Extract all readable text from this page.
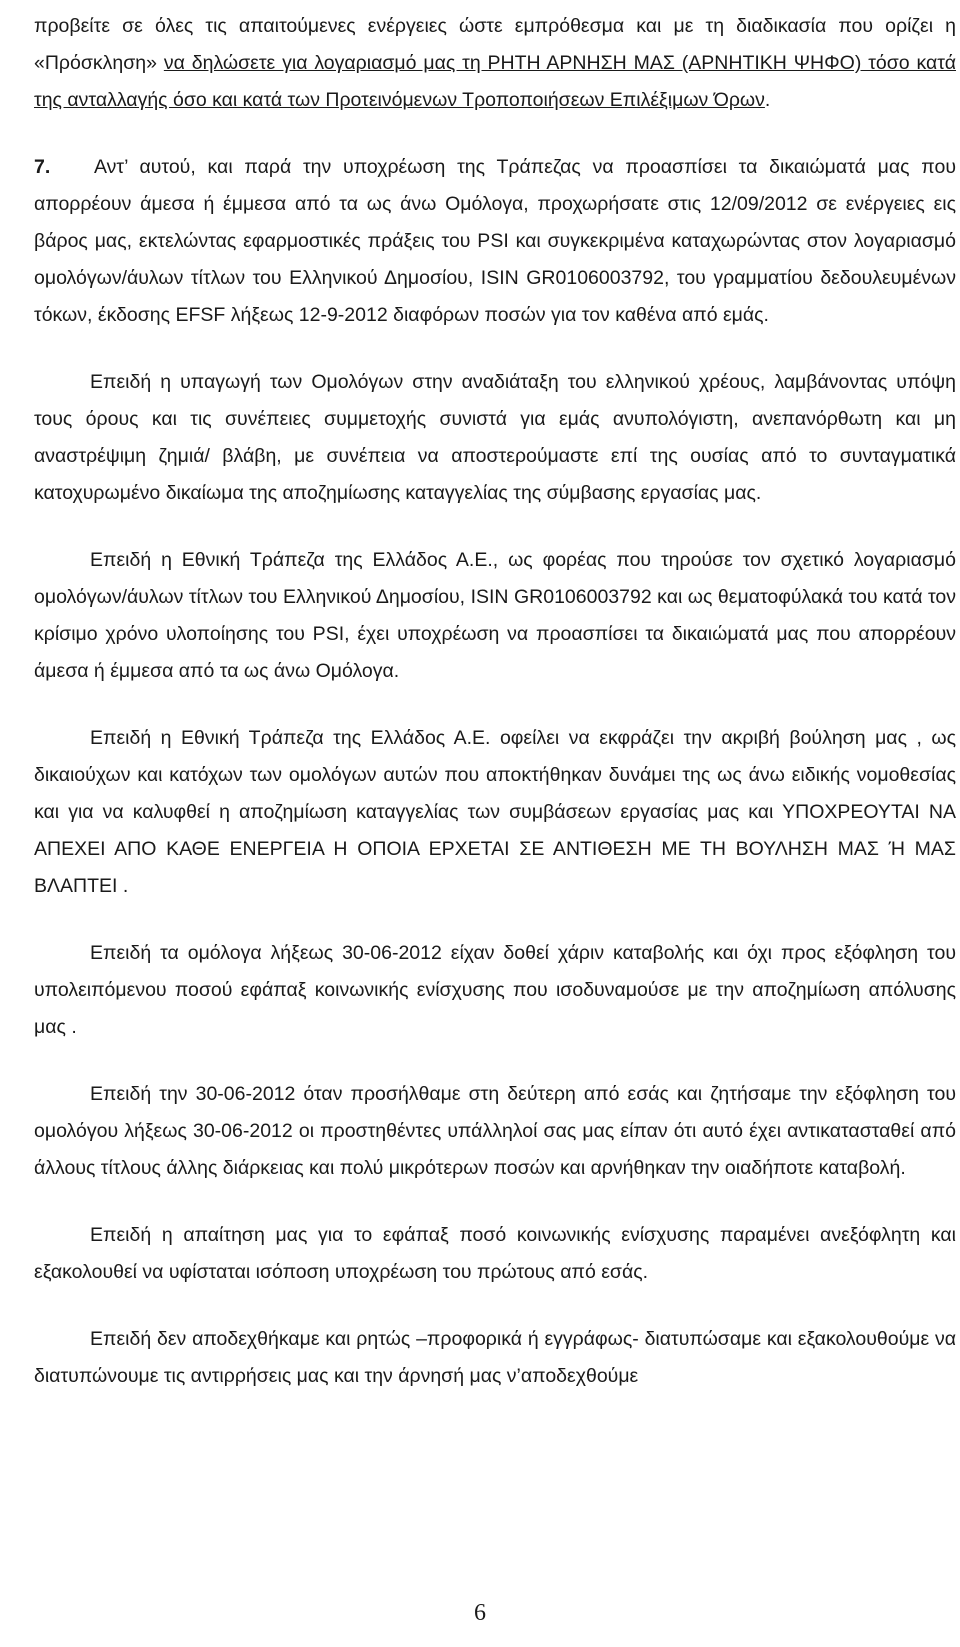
προβείτε σε όλες τις απαιτούμενες ενέργειες ώστε εμπρόθεσμα και με τη διαδικασία που ορίζει η «Πρόσκληση» να δηλώσετε για λογαριασμό μας τη ΡΗΤΗ ΑΡΝΗΣΗ ΜΑΣ (ΑΡΝΗΤΙΚΗ ΨΗΦΟ) τόσο κατά της ανταλλαγής όσο και κατά των Προτεινόμενων Τροποποιήσεων Επιλέξιμων Όρων.

7. Αντ’ αυτού, και παρά την υποχρέωση της Τράπεζας να προασπίσει τα δικαιώματά μας που απορρέουν άμεσα ή έμμεσα από τα ως άνω Ομόλογα, προχωρήσατε στις 12/09/2012 σε ενέργειες εις βάρος μας, εκτελώντας εφαρμοστικές πράξεις του PSI και συγκεκριμένα καταχωρώντας στον λογαριασμό ομολόγων/άυλων τίτλων του Ελληνικού Δημοσίου, ISIN GR0106003792, του γραμματίου δεδουλευμένων τόκων, έκδοσης EFSF λήξεως 12-9-2012 διαφόρων ποσών για τον καθένα από εμάς.

Επειδή η υπαγωγή των Ομολόγων στην αναδιάταξη του ελληνικού χρέους, λαμβάνοντας υπόψη τους όρους και τις συνέπειες συμμετοχής συνιστά για εμάς ανυπολόγιστη, ανεπανόρθωτη και μη αναστρέψιμη ζημιά/ βλάβη, με συνέπεια να αποστερούμαστε επί της ουσίας από το συνταγματικά κατοχυρωμένο δικαίωμα της αποζημίωσης καταγγελίας της σύμβασης εργασίας μας.

Επειδή η Εθνική Τράπεζα της Ελλάδος Α.Ε., ως φορέας που τηρούσε τον σχετικό λογαριασμό ομολόγων/άυλων τίτλων του Ελληνικού Δημοσίου, ISIN GR0106003792 και ως θεματοφύλακά του κατά τον κρίσιμο χρόνο υλοποίησης του PSI, έχει υποχρέωση να προασπίσει τα δικαιώματά μας που απορρέουν άμεσα ή έμμεσα από τα ως άνω Ομόλογα.

Επειδή η Εθνική Τράπεζα της Ελλάδος Α.Ε. οφείλει να εκφράζει την ακριβή βούληση μας , ως δικαιούχων και κατόχων των ομολόγων αυτών που αποκτήθηκαν δυνάμει της ως άνω ειδικής νομοθεσίας και για να καλυφθεί η αποζημίωση καταγγελίας των συμβάσεων εργασίας μας και ΥΠΟΧΡΕΟΥΤΑΙ ΝΑ ΑΠΕΧΕΙ ΑΠΟ ΚΑΘΕ ΕΝΕΡΓΕΙΑ Η ΟΠΟΙΑ ΕΡΧΕΤΑΙ ΣΕ ΑΝΤΙΘΕΣΗ ΜΕ ΤΗ ΒΟΥΛΗΣΗ ΜΑΣ Ή ΜΑΣ ΒΛΑΠΤΕΙ .

Επειδή τα ομόλογα λήξεως 30-06-2012 είχαν δοθεί χάριν καταβολής και όχι προς εξόφληση του υπολειπόμενου ποσού εφάπαξ κοινωνικής ενίσχυσης που ισοδυναμούσε με την αποζημίωση απόλυσης μας .

Επειδή την 30-06-2012 όταν προσήλθαμε στη δεύτερη από εσάς και ζητήσαμε την εξόφληση του ομολόγου λήξεως 30-06-2012 οι προστηθέντες υπάλληλοί σας μας είπαν ότι αυτό έχει αντικατασταθεί από άλλους τίτλους άλλης διάρκειας και πολύ μικρότερων ποσών και αρνήθηκαν την οιαδήποτε καταβολή.

Επειδή η απαίτηση μας για το εφάπαξ ποσό κοινωνικής ενίσχυσης παραμένει ανεξόφλητη και εξακολουθεί να υφίσταται ισόποση υποχρέωση του πρώτους από εσάς.

Επειδή δεν αποδεχθήκαμε και ρητώς –προφορικά ή εγγράφως- διατυπώσαμε και εξακολουθούμε να διατυπώνουμε τις αντιρρήσεις μας και την άρνησή μας ν’αποδεχθούμε

6
